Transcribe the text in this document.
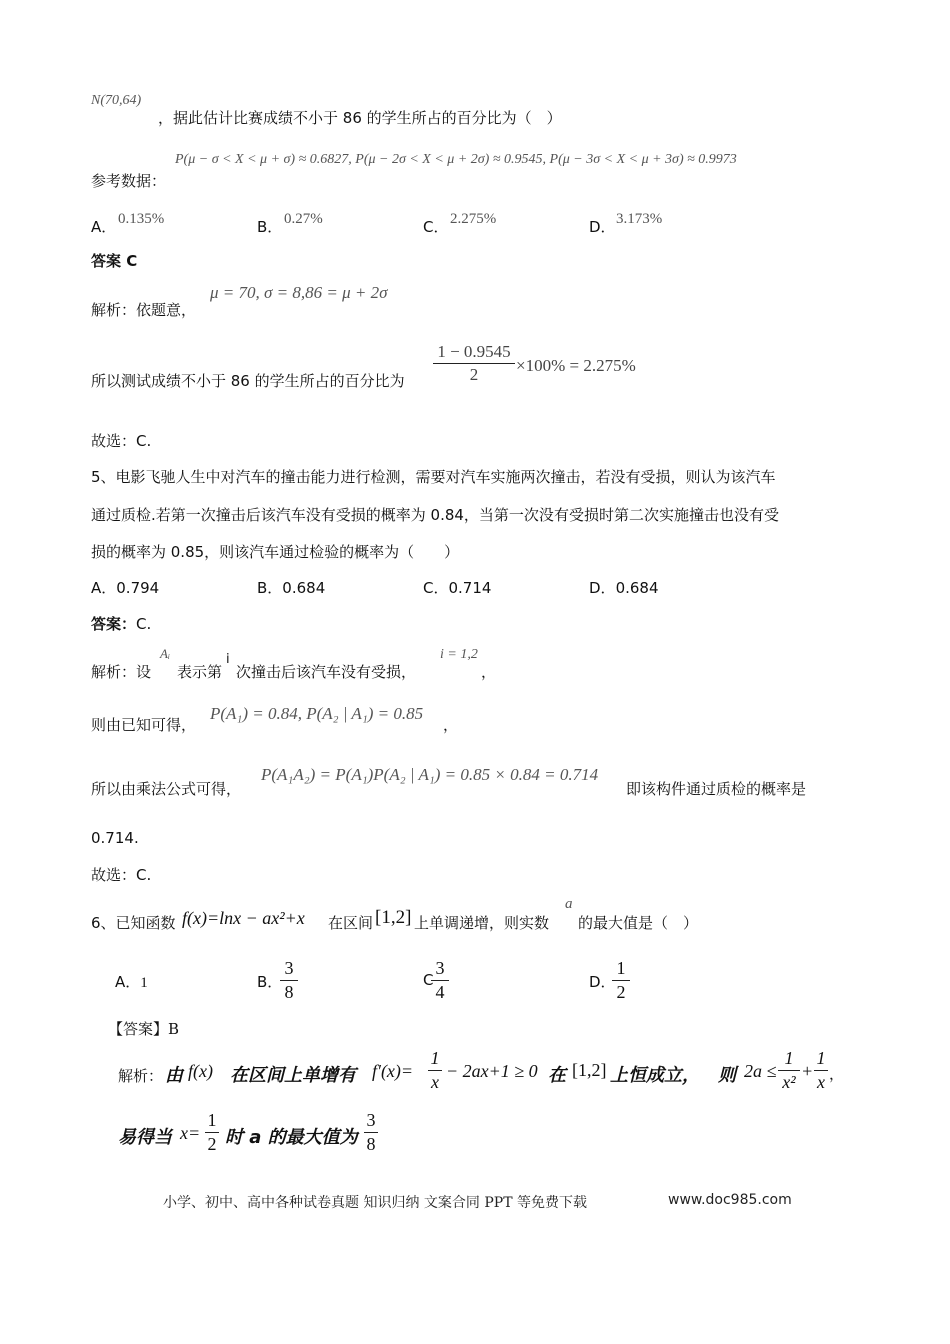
N(70,64)
，据此估计比赛成绩不小于 86 的学生所占的百分比为（　）
参考数据：
P(μ − σ < X < μ + σ) ≈ 0.6827, P(μ − 2σ < X < μ + 2σ) ≈ 0.9545, P(μ − 3σ < X < μ + 3σ) ≈ 0.9973
A． 0.135%	B． 0.27%	C． 2.275%	D． 3.173%
答案 C
解析：依题意，
μ = 70, σ = 8,86 = μ + 2σ
所以测试成绩不小于 86 的学生所占的百分比为
1 − 0.9545
2	×100% = 2.275%
故选：C.
5、电影飞驰人生中对汽车的撞击能力进行检测，需要对汽车实施两次撞击，若没有受损，则认为该汽车
通过质检.若第一次撞击后该汽车没有受损的概率为 0.84，当第一次没有受损时第二次实施撞击也没有受
损的概率为 0.85，则该汽车通过检验的概率为（　　）
A．0.794	B．0.684	C．0.714	D．0.684
答案：C.
解析：设
Aᵢ
表示第
i
次撞击后该汽车没有受损，
i = 1,2
，
则由已知可得，
P(A₁) = 0.84, P(A₂ | A₁) = 0.85
，
所以由乘法公式可得，
P(A₁A₂) = P(A₁)P(A₂ | A₁) = 0.85 × 0.84 = 0.714
即该构件通过质检的概率是
0.714.
故选：C.
6、已知函数 f(x)=lnx − ax²+x 在区间 [1,2] 上单调递增，则实数
a
的最大值是（　）
A．1	B．
3
8
C
3
4	D．
1
2
【答案】B
解析： 由 f(x) 在区间上单增有 f′(x)=
1
x
− 2ax+1 ≥ 0 在 [1,2] 上恒成立， 则 2a ≤
1
x²
+
1
x ，
易得当 x=
1
2 时 a 的最大值为
3
8
小学、初中、高中各种试卷真题 知识归纳 文案合同 PPT 等免费下载	www.doc985.com
